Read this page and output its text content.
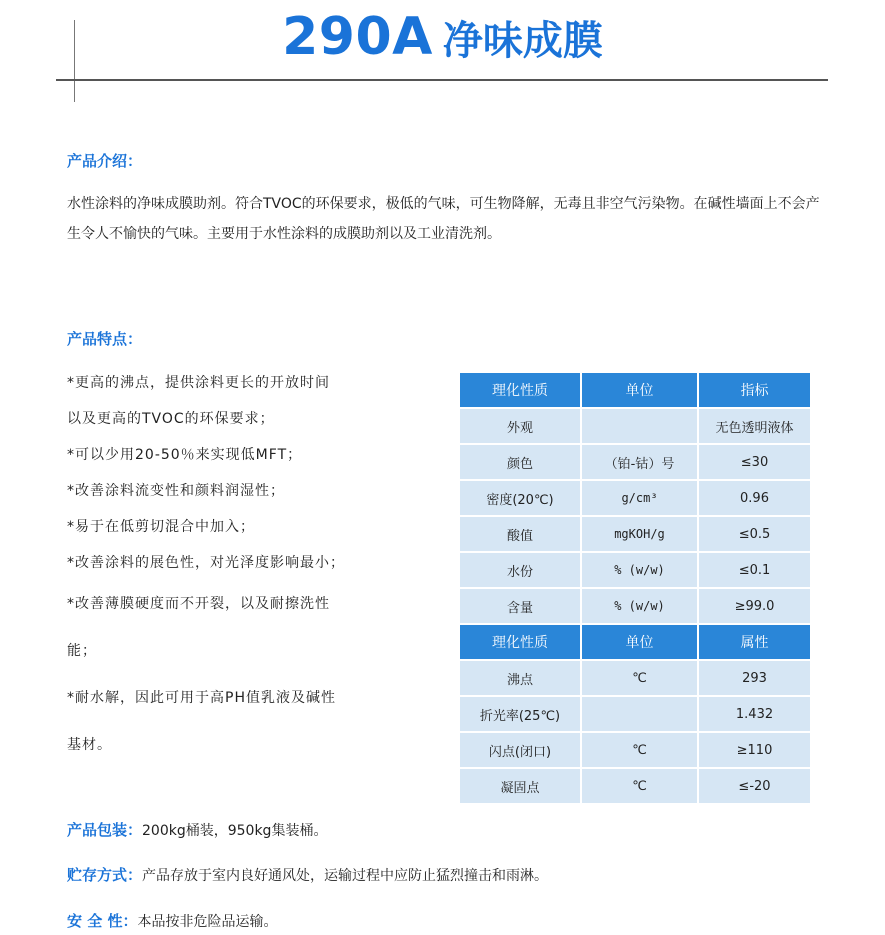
290A 净味成膜
产品介绍：
水性涂料的净味成膜助剂。符合TVOC的环保要求，极低的气味，可生物降解，无毒且非空气污染物。在碱性墙面上不会产生令人不愉快的气味。主要用于水性涂料的成膜助剂以及工业清洗剂。
产品特点：
*更高的沸点，提供涂料更长的开放时间
以及更高的TVOC的环保要求；
*可以少用20-50％来实现低MFT；
*改善涂料流变性和颜料润湿性；
*易于在低剪切混合中加入；
*改善涂料的展色性，对光泽度影响最小；
*改善薄膜硬度而不开裂，以及耐擦洗性
能；
*耐水解，因此可用于高PH值乳液及碱性
基材。
理化性质	单位	指标
外观		无色透明液体
颜色	（铂-钴）号	≤30
密度(20℃)	g/cm³	0.96
酸值	mgKOH/g	≤0.5
水份	% (w/w)	≤0.1
含量	% (w/w)	≥99.0
理化性质	单位	属性
沸点	℃	293
折光率(25℃)		1.432
闪点(闭口)	℃	≥110
凝固点	℃	≤-20
产品包装：200kg桶装，950kg集装桶。
贮存方式：产品存放于室内良好通风处，运输过程中应防止猛烈撞击和雨淋。
安 全 性：本品按非危险品运输。
